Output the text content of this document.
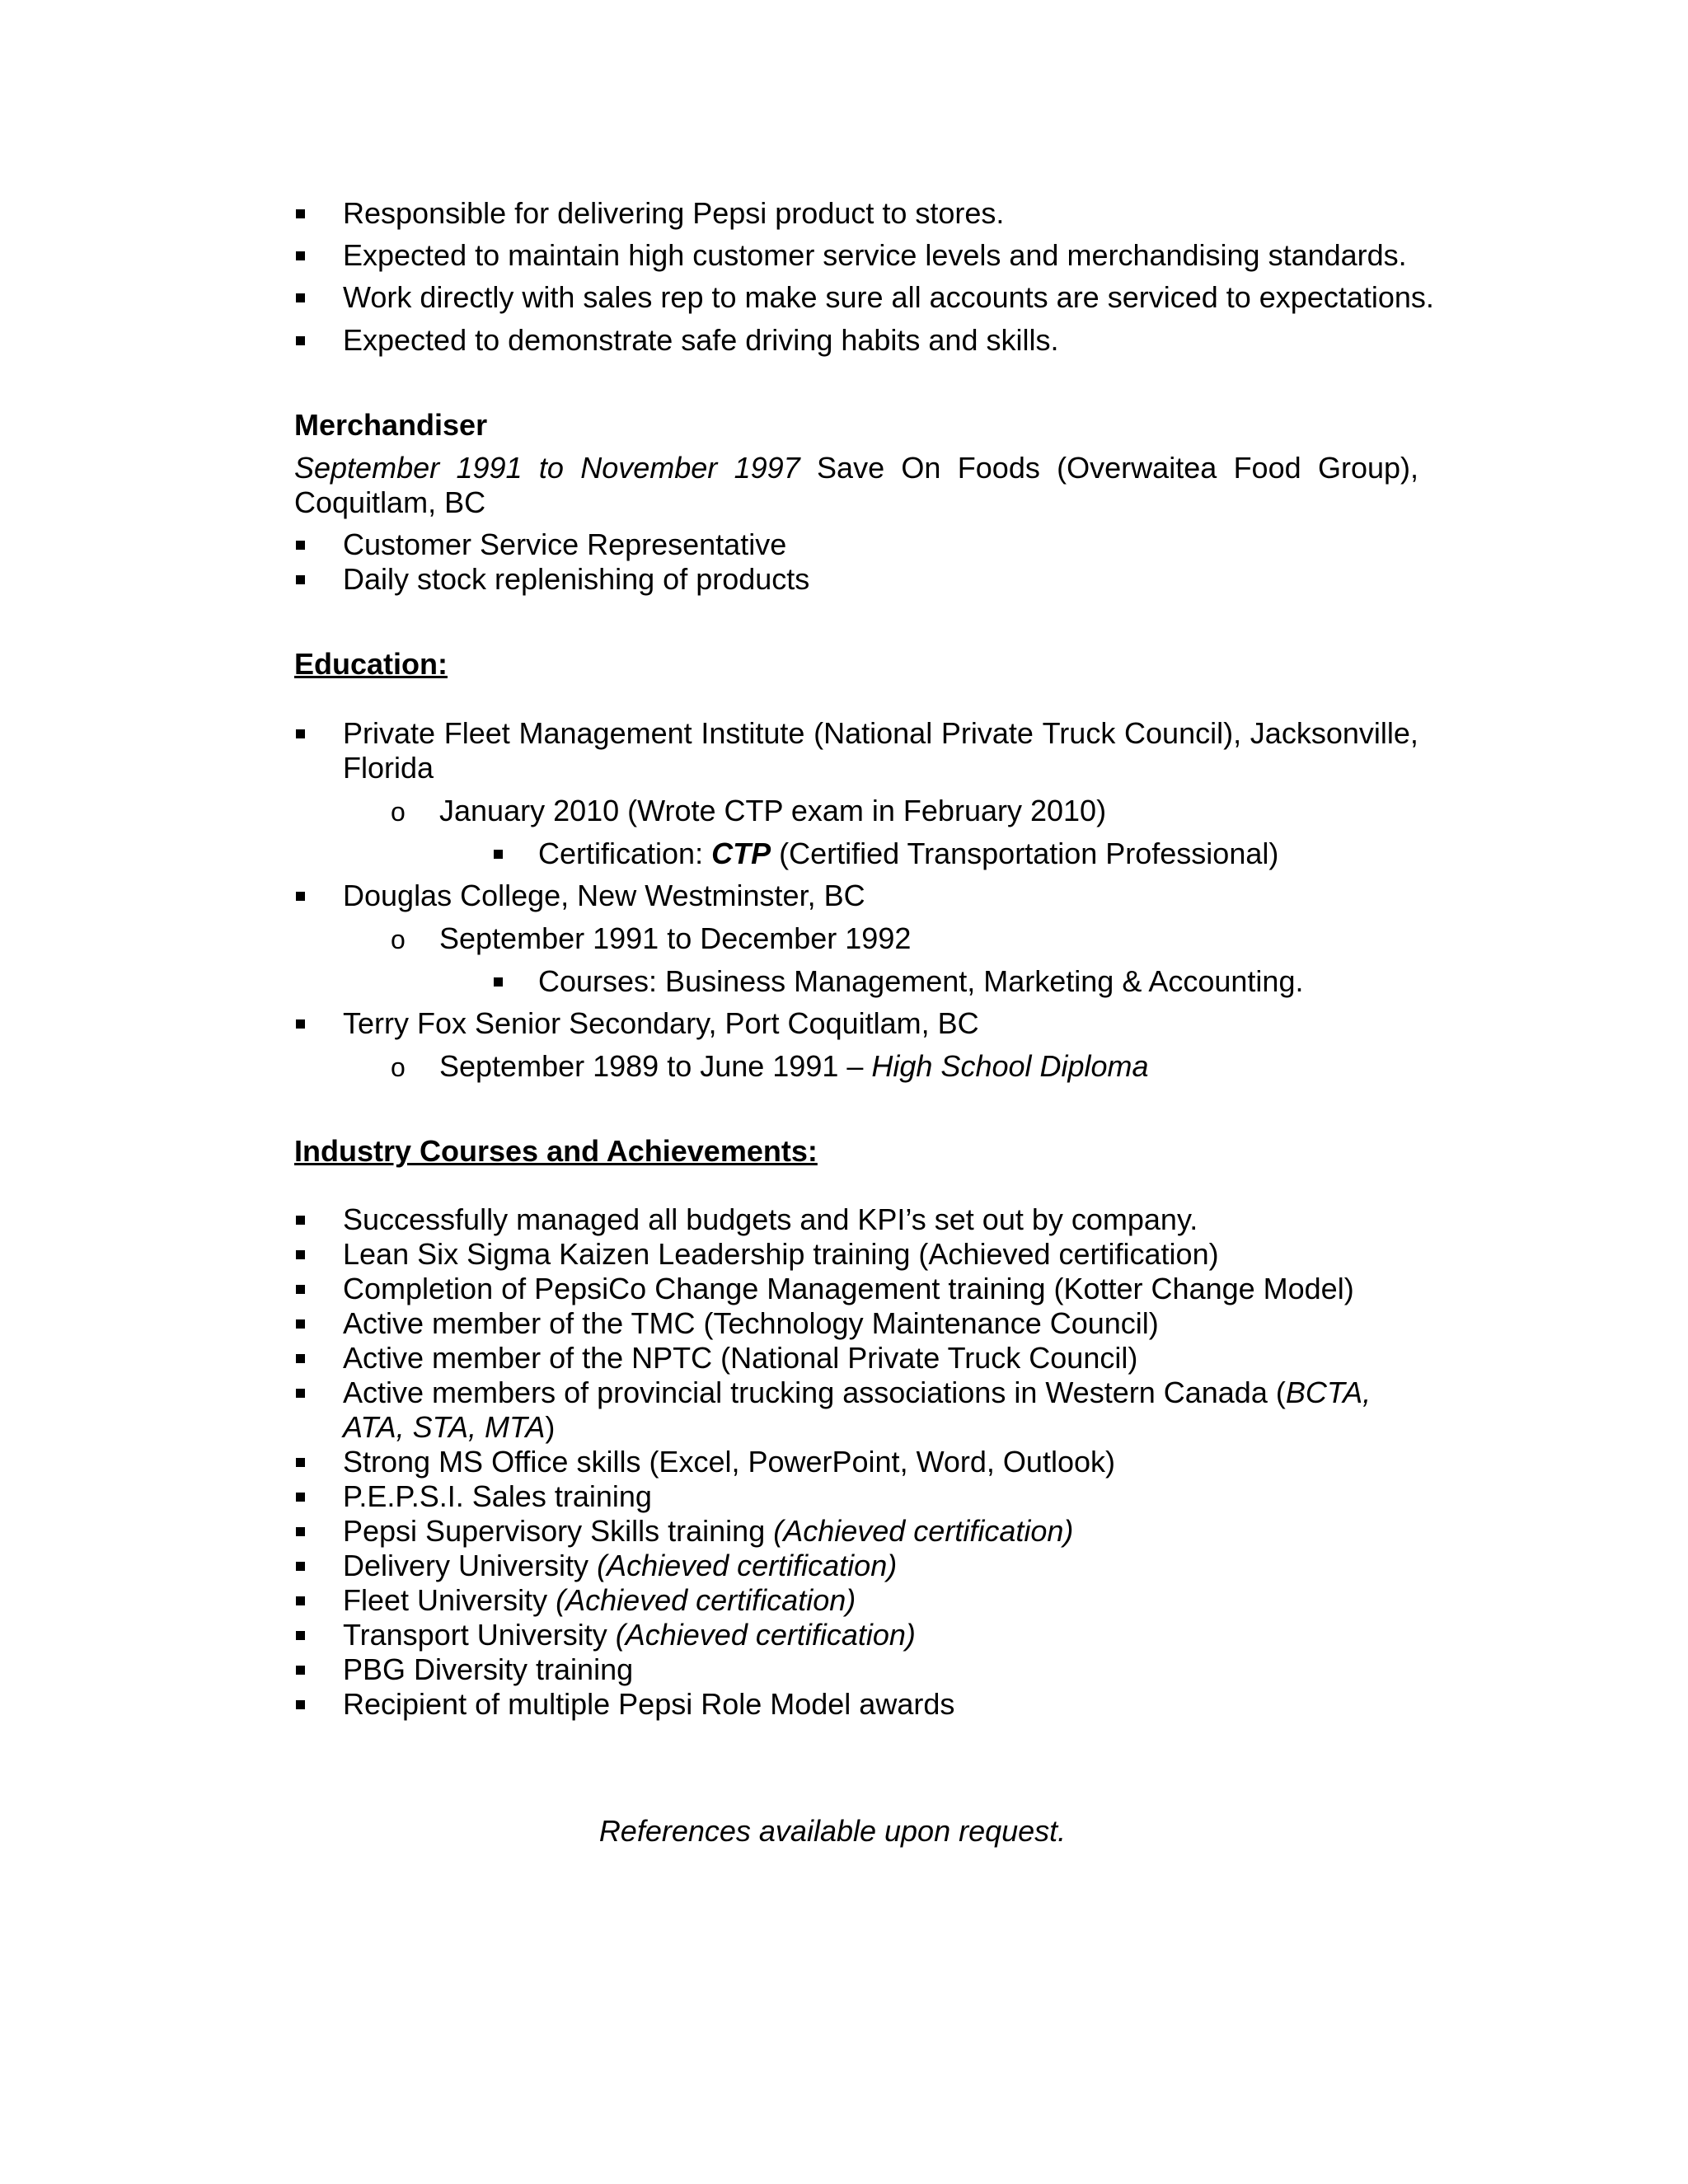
Responsible for delivering Pepsi product to stores.
Expected to maintain high customer service levels and merchandising standards.
Work directly with sales rep to make sure all accounts are serviced to expectations.
Expected to demonstrate safe driving habits and skills.
Merchandiser
September 1991 to November 1997 Save On Foods (Overwaitea Food Group),
Coquitlam, BC
Customer Service Representative
Daily stock replenishing of products
Education:
Private Fleet Management Institute (National Private Truck Council), Jacksonville,
Florida
o January 2010 (Wrote CTP exam in February 2010)
Certification: CTP (Certified Transportation Professional)
Douglas College, New Westminster, BC
o September 1991 to December 1992
Courses: Business Management, Marketing & Accounting.
Terry Fox Senior Secondary, Port Coquitlam, BC
o September 1989 to June 1991 – High School Diploma
Industry Courses and Achievements:
Successfully managed all budgets and KPI’s set out by company.
Lean Six Sigma Kaizen Leadership training (Achieved certification)
Completion of PepsiCo Change Management training (Kotter Change Model)
Active member of the TMC (Technology Maintenance Council)
Active member of the NPTC (National Private Truck Council)
Active members of provincial trucking associations in Western Canada (BCTA,
ATA, STA, MTA)
Strong MS Office skills (Excel, PowerPoint, Word, Outlook)
P.E.P.S.I. Sales training
Pepsi Supervisory Skills training (Achieved certification)
Delivery University (Achieved certification)
Fleet University (Achieved certification)
Transport University (Achieved certification)
PBG Diversity training
Recipient of multiple Pepsi Role Model awards
References available upon request.
